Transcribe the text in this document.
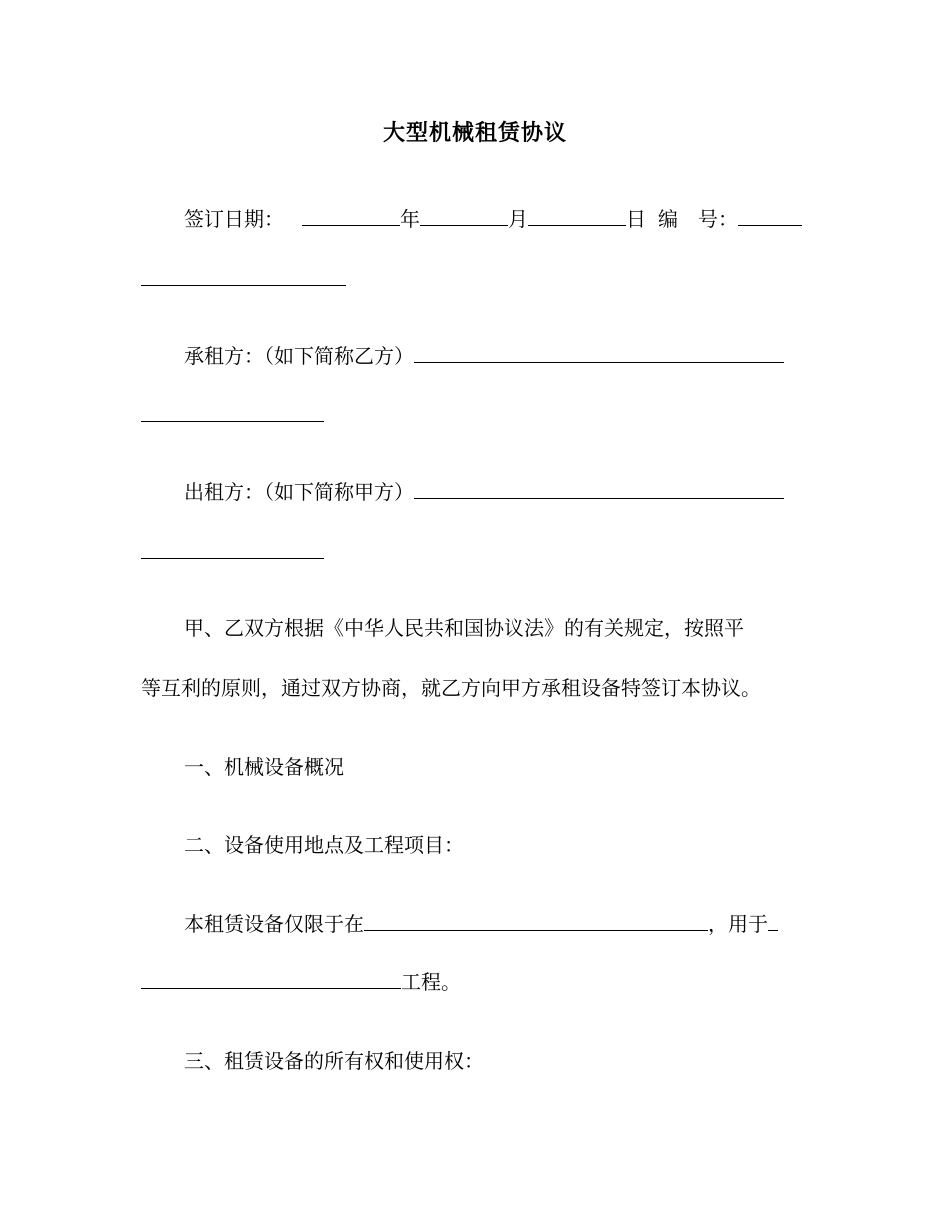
大型机械租赁协议
签订日期：	年	月	日 编　号：
承租方：（如下简称乙方）
出租方：（如下简称甲方）
甲、乙双方根据《中华人民共和国协议法》的有关规定，按照平
等互利的原则，通过双方协商，就乙方向甲方承租设备特签订本协议。
一、机械设备概况
二、设备使用地点及工程项目：
本租赁设备仅限于在	，用于
工程。
三、租赁设备的所有权和使用权：
